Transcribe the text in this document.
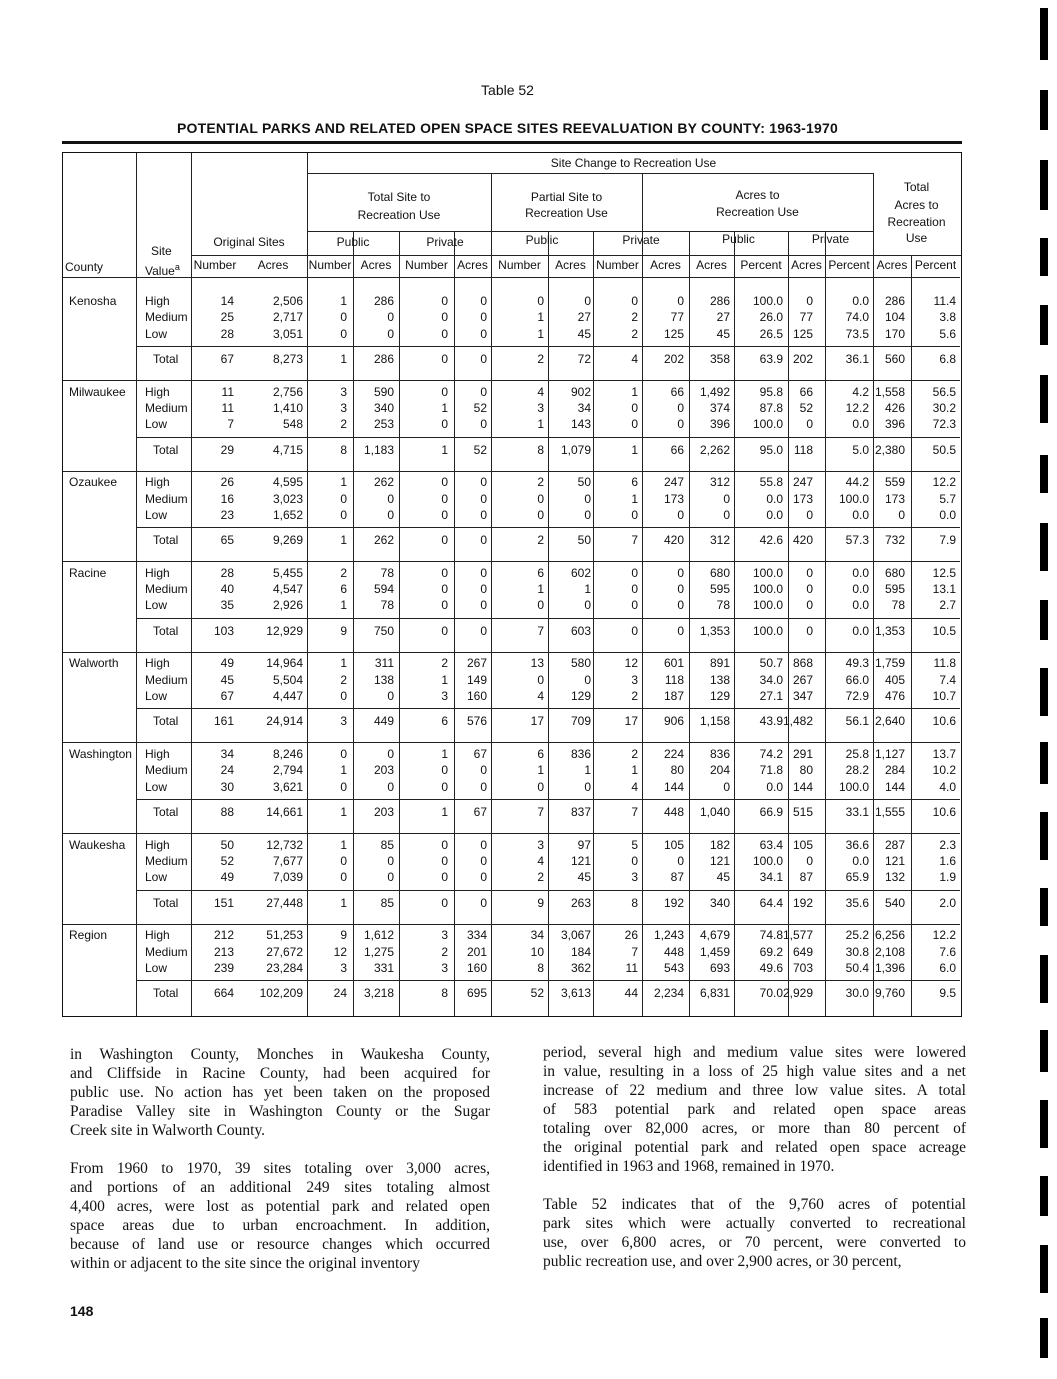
Table 52
POTENTIAL PARKS AND RELATED OPEN SPACE SITES REEVALUATION BY COUNTY: 1963-1970
Site Change to Recreation Use
Total Site to
Recreation Use
Partial Site to
Recreation Use
Acres to
Recreation Use
Total
Acres to
Recreation
Use
Original Sites	Public	Private	Public	Private	Public	Private
Site
Value$^a$
County	Number	Acres	Number Acres	Number Acres Number	Acres Number Acres	Acres	Percent Acres Percent Acres Percent
Kenosha High	14	2,506	1	286	0	0	0	0	0	0	286	100.0	0	0.0	286	11.4
Medium	25	2,717	0	0	0	0	1	27	2	77	27	26.0	77	74.0	104	3.8
Low	28	3,051	0	0	0	0	1	45	2	125	45	26.5 125	73.5	170	5.6
Total	67	8,273	1	286	0	0	2	72	4	202	358	63.9 202	36.1	560	6.8
Milwaukee High	11	2,756	3	590	0	0	4	902	1	66	1,492	95.8	66	4.2 1,558	56.5
Medium	11	1,410	3	340	1	52	3	34	0	0	374	87.8	52	12.2	426	30.2
Low	7	548	2	253	0	0	1	143	0	0	396	100.0	0	0.0	396	72.3
Total	29	4,715	8	1,183	1	52	8	1,079	1	66	2,262	95.0 118	5.0 2,380	50.5
Ozaukee High	26	4,595	1	262	0	0	2	50	6	247	312	55.8 247	44.2	559	12.2
Medium	16	3,023	0	0	0	0	0	0	1	173	0	0.0 173	100.0	173	5.7
Low	23	1,652	0	0	0	0	0	0	0	0	0	0.0	0	0.0	0	0.0
Total	65	9,269	1	262	0	0	2	50	7	420	312	42.6 420	57.3	732	7.9
Racine	High	28	5,455	2	78	0	0	6	602	0	0	680	100.0	0	0.0	680	12.5
Medium	40	4,547	6	594	0	0	1	1	0	0	595	100.0	0	0.0	595	13.1
Low	35	2,926	1	78	0	0	0	0	0	0	78	100.0	0	0.0	78	2.7
Total	103	12,929	9	750	0	0	7	603	0	0	1,353	100.0	0	0.0 1,353	10.5
Walworth High	49	14,964	1	311	2	267	13	580	12	601	891	50.7 868	49.3 1,759	11.8
Medium	45	5,504	2	138	1	149	0	0	3	118	138	34.0 267	66.0	405	7.4
Low	67	4,447	0	0	3	160	4	129	2	187	129	27.1 347	72.9	476	10.7
Total	161	24,914	3	449	6	576	17	709	17	906	1,158	43.9 1,482	56.1 2,640	10.6
Washington High	34	8,246	0	0	1	67	6	836	2	224	836	74.2 291	25.8 1,127	13.7
Medium	24	2,794	1	203	0	0	1	1	1	80	204	71.8	80	28.2	284	10.2
Low	30	3,621	0	0	0	0	0	0	4	144	0	0.0 144	100.0	144	4.0
Total	88	14,661	1	203	1	67	7	837	7	448	1,040	66.9 515	33.1 1,555	10.6
Waukesha High	50	12,732	1	85	0	0	3	97	5	105	182	63.4 105	36.6	287	2.3
Medium	52	7,677	0	0	0	0	4	121	0	0	121	100.0	0	0.0	121	1.6
Low	49	7,039	0	0	0	0	2	45	3	87	45	34.1	87	65.9	132	1.9
Total	151	27,448	1	85	0	0	9	263	8	192	340	64.4 192	35.6	540	2.0
Region	High	212	51,253	9	1,612	3	334	34	3,067	26	1,243	4,679	74.8 1,577	25.2 6,256	12.2
Medium	213	27,672	12	1,275	2	201	10	184	7	448	1,459	69.2 649	30.8 2,108	7.6
Low	239	23,284	3	331	3	160	8	362	11	543	693	49.6 703	50.4 1,396	6.0
Total	664	102,209	24	3,218	8	695	52	3,613	44	2,234	6,831	70.0 2,929	30.0 9,760	9.5
in Washington County, Monches in Waukesha County,
and Cliffside in Racine County, had been acquired for
public use. No action has yet been taken on the proposed
Paradise Valley site in Washington County or the Sugar
Creek site in Walworth County.
From 1960 to 1970, 39 sites totaling over 3,000 acres,
and portions of an additional 249 sites totaling almost
4,400 acres, were lost as potential park and related open
space areas due to urban encroachment. In addition,
because of land use or resource changes which occurred
within or adjacent to the site since the original inventory
period, several high and medium value sites were lowered
in value, resulting in a loss of 25 high value sites and a net
increase of 22 medium and three low value sites. A total
of 583 potential park and related open space areas
totaling over 82,000 acres, or more than 80 percent of
the original potential park and related open space acreage
identified in 1963 and 1968, remained in 1970.
Table 52 indicates that of the 9,760 acres of potential
park sites which were actually converted to recreational
use, over 6,800 acres, or 70 percent, were converted to
public recreation use, and over 2,900 acres, or 30 percent,
148
